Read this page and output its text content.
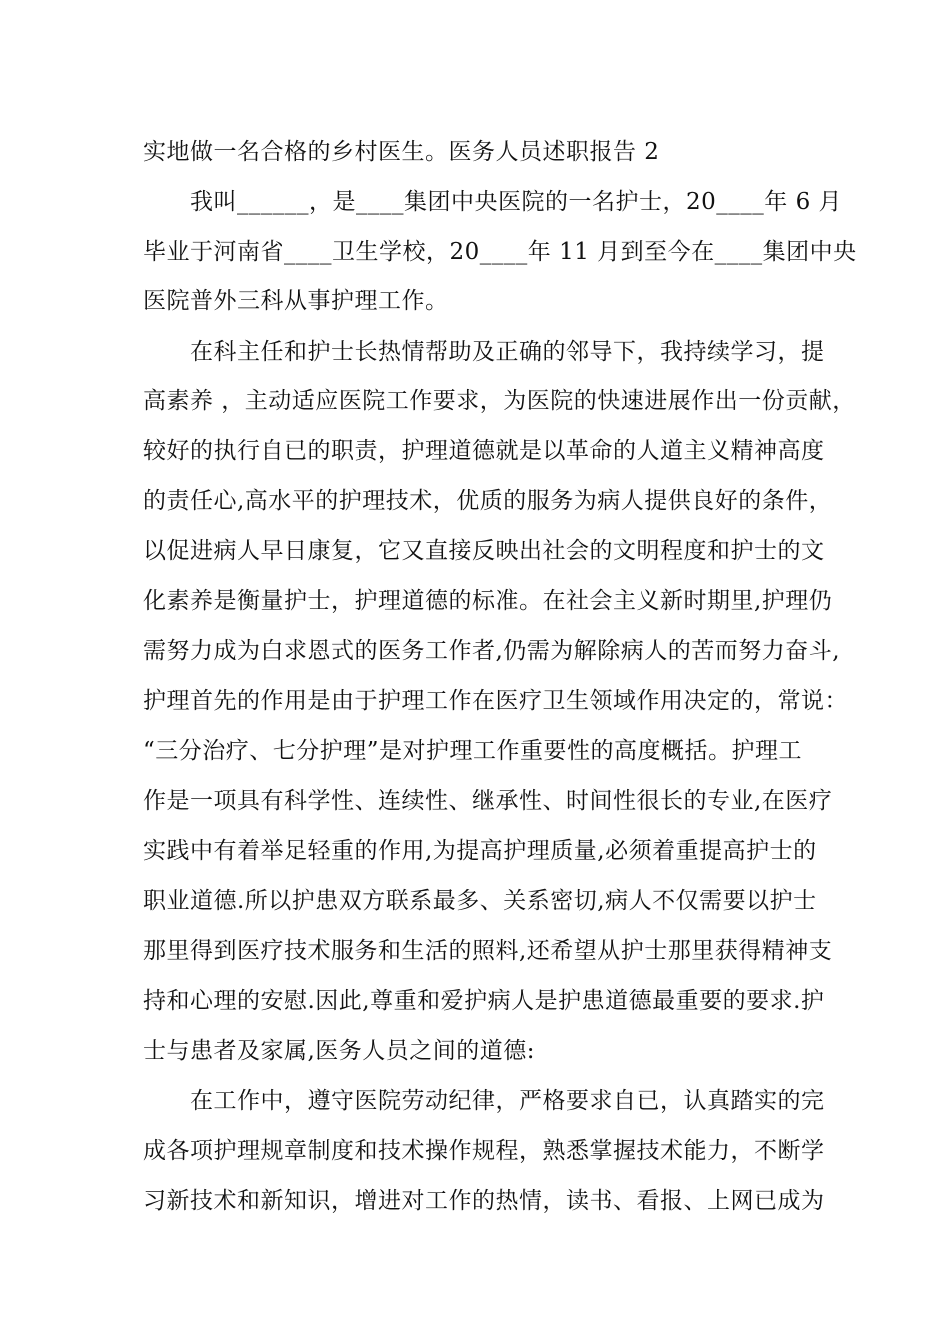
实地做一名合格的乡村医生。医务人员述职报告 2
我叫______，是____集团中央医院的一名护士，20____年 6 月
毕业于河南省____卫生学校，20____年 11 月到至今在____集团中央
医院普外三科从事护理工作。
在科主任和护士长热情帮助及正确的邻导下，我持续学习，提
高素养 ，主动适应医院工作要求，为医院的快速进展作出一份贡献，
较好的执行自已的职责，护理道德就是以革命的人道主义精神高度
的责任心,高水平的护理技术，优质的服务为病人提供良好的条件，
以促进病人早日康复，它又直接反映出社会的文明程度和护士的文
化素养是衡量护士，护理道德的标准。在社会主义新时期里,护理仍
需努力成为白求恩式的医务工作者,仍需为解除病人的苦而努力奋斗,
护理首先的作用是由于护理工作在医疗卫生领域作用决定的，常说：
“三分治疗、七分护理”是对护理工作重要性的高度概括。护理工
作是一项具有科学性、连续性、继承性、时间性很长的专业,在医疗
实践中有着举足轻重的作用,为提高护理质量,必须着重提高护士的
职业道德.所以护患双方联系最多、关系密切,病人不仅需要以护士
那里得到医疗技术服务和生活的照料,还希望从护士那里获得精神支
持和心理的安慰.因此,尊重和爱护病人是护患道德最重要的要求.护
士与患者及家属,医务人员之间的道德:
在工作中，遵守医院劳动纪律，严格要求自已，认真踏实的完
成各项护理规章制度和技术操作规程，熟悉掌握技术能力，不断学
习新技术和新知识，增进对工作的热情，读书、看报、上网已成为
